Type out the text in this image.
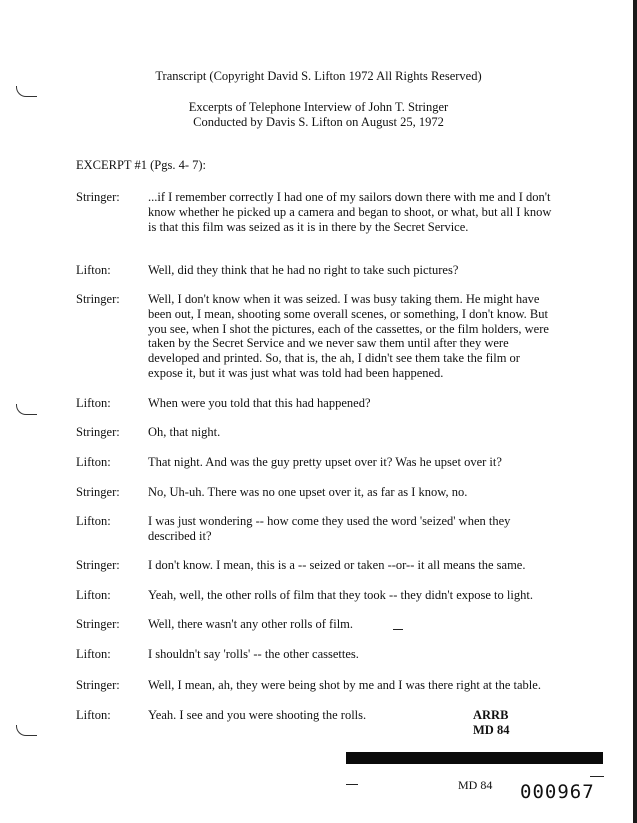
Transcript (Copyright David S. Lifton 1972 All Rights Reserved)
Excerpts of Telephone Interview of John T. Stringer
Conducted by Davis S. Lifton on August 25, 1972
EXCERPT #1 (Pgs. 4- 7):
Stringer:	...if I remember correctly I had one of my sailors down there with me and I don't know whether he picked up a camera and began to shoot, or what, but all I know is that this film was seized as it is in there by the Secret Service.
Lifton:	Well, did they think that he had no right to take such pictures?
Stringer:	Well, I don't know when it was seized. I was busy taking them. He might have been out, I mean, shooting some overall scenes, or something, I don't know. But you see, when I shot the pictures, each of the cassettes, or the film holders, were taken by the Secret Service and we never saw them until after they were developed and printed. So, that is, the ah, I didn't see them take the film or expose it, but it was just what was told had been happened.
Lifton:	When were you told that this had happened?
Stringer:	Oh, that night.
Lifton:	That night. And was the guy pretty upset over it? Was he upset over it?
Stringer:	No, Uh-uh. There was no one upset over it, as far as I know, no.
Lifton:	I was just wondering -- how come they used the word 'seized' when they described it?
Stringer:	I don't know. I mean, this is a -- seized or taken --or-- it all means the same.
Lifton:	Yeah, well, the other rolls of film that they took -- they didn't expose to light.
Stringer:	Well, there wasn't any other rolls of film.
Lifton:	I shouldn't say 'rolls' -- the other cassettes.
Stringer:	Well, I mean, ah, they were being shot by me and I was there right at the table.
Lifton:	Yeah. I see and you were shooting the rolls.	ARRB
MD 84
MD 84 000967
